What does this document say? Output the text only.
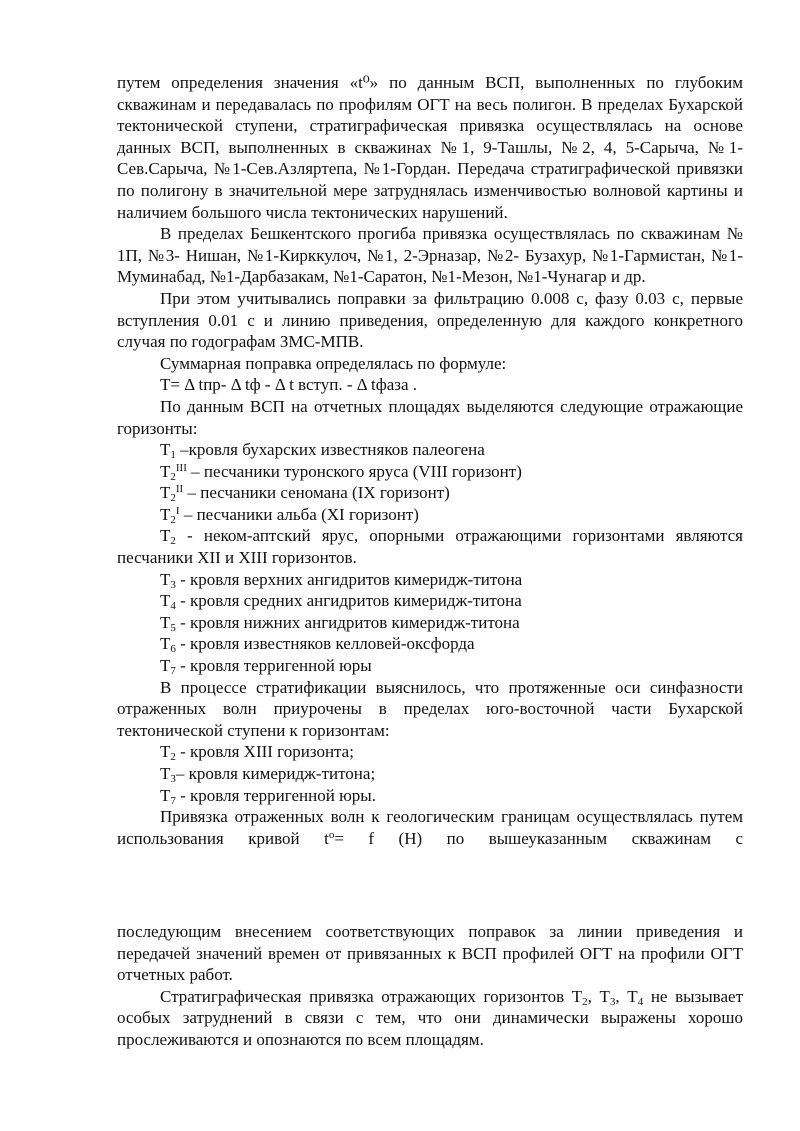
путем определения значения «t⁰» по данным ВСП, выполненных по глубоким скважинам и передавалась по профилям ОГТ на весь полигон. В пределах Бухарской тектонической ступени, стратиграфическая привязка осуществлялась на основе данных ВСП, выполненных в скважинах №1, 9-Ташлы, №2, 4, 5-Сарыча, №1-Сев.Сарыча, №1-Сев.Азляртепа, №1-Гордан. Передача стратиграфической привязки по полигону в значительной мере затруднялась изменчивостью волновой картины и наличием большого числа тектонических нарушений.

В пределах Бешкентского прогиба привязка осуществлялась по скважинам № 1П, №3- Нишан, №1-Кирккулоч, №1, 2-Эрназар, №2- Бузахур, №1-Гармистан, №1-Муминабад, №1-Дарбазакам, №1-Саратон, №1-Мезон, №1-Чунагар и др.

При этом учитывались поправки за фильтрацию 0.008 с, фазу 0.03 с, первые вступления 0.01 с и линию приведения, определенную для каждого конкретного случая по годографам ЗМС-МПВ.

Суммарная поправка определялась по формуле:

Т= Δ tпр- Δ tф - Δ t вступ. - Δ tфаза .

По данным ВСП на отчетных площадях выделяются следующие отражающие горизонты:

$Т_1$ –кровля бухарских известняков палеогена

$Т_2^{III}$ – песчаники туронского яруса (VIII горизонт)

$Т_2^{II}$ – песчаники сеномана (IX горизонт)

$Т_2^I$ – песчаники альба (XI горизонт)

$Т_2$ - неком-аптский ярус, опорными отражающими горизонтами являются песчаники XII и XIII горизонтов.

$Т_3$ - кровля верхних ангидритов кимеридж-титона

$Т_4$ - кровля средних ангидритов кимеридж-титона

$Т_5$ - кровля нижних ангидритов кимеридж-титона

$Т_6$ - кровля известняков келловей-оксфорда

$Т_7$ - кровля терригенной юры

В процессе стратификации выяснилось, что протяженные оси синфазности отраженных волн приурочены в пределах юго-восточной части Бухарской тектонической ступени к горизонтам:

$Т_2$ - кровля XIII горизонта;

$Т_3-$ кровля кимеридж-титона;

$Т_7$ - кровля терригенной юры.

Привязка отраженных волн к геологическим границам осуществлялась путем использования кривой $t^o= f$ (H) по вышеуказанным скважинам с

последующим внесением соответствующих поправок за линии приведения и передачей значений времен от привязанных к ВСП профилей ОГТ на профили ОГТ отчетных работ.

Стратиграфическая привязка отражающих горизонтов $Т_2$, $Т_3$, $Т_4$ не вызывает особых затруднений в связи с тем, что они динамически выражены хорошо прослеживаются и опознаются по всем площадям.
